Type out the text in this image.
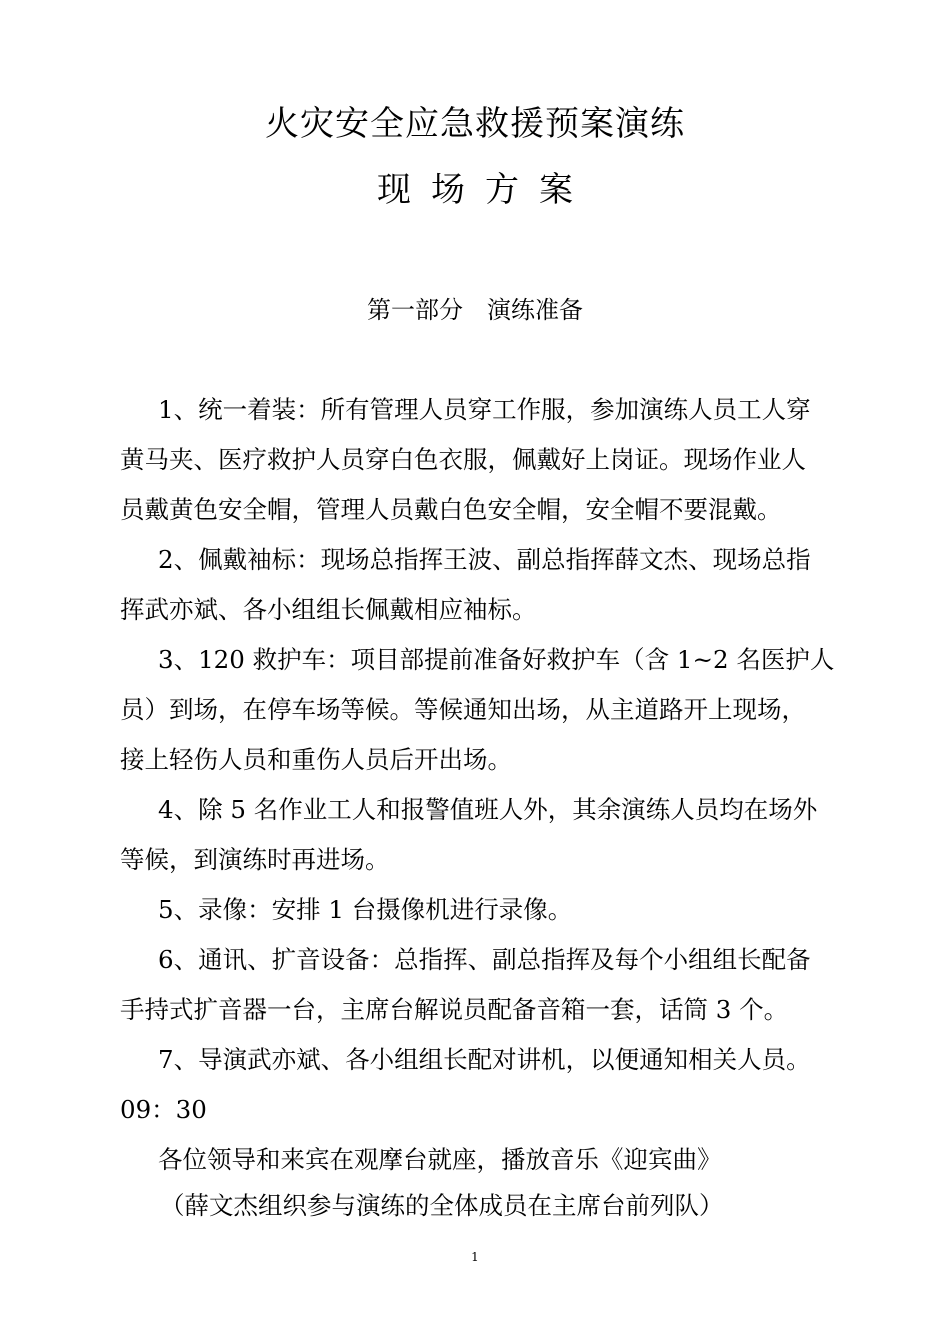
火灾安全应急救援预案演练
现场方案
第一部分　演练准备

1、统一着装：所有管理人员穿工作服，参加演练人员工人穿

黄马夹、医疗救护人员穿白色衣服，佩戴好上岗证。现场作业人

员戴黄色安全帽，管理人员戴白色安全帽，安全帽不要混戴。

2、佩戴袖标：现场总指挥王波、副总指挥薛文杰、现场总指

挥武亦斌、各小组组长佩戴相应袖标。

3、120 救护车：项目部提前准备好救护车（含 1~2 名医护人

员）到场，在停车场等候。等候通知出场，从主道路开上现场，

接上轻伤人员和重伤人员后开出场。

4、除 5 名作业工人和报警值班人外，其余演练人员均在场外

等候，到演练时再进场。

5、录像：安排 1 台摄像机进行录像。

6、通讯、扩音设备：总指挥、副总指挥及每个小组组长配备

手持式扩音器一台，主席台解说员配备音箱一套，话筒 3 个。

7、导演武亦斌、各小组组长配对讲机，以便通知相关人员。

09：30

各位领导和来宾在观摩台就座，播放音乐《迎宾曲》

（薛文杰组织参与演练的全体成员在主席台前列队）

1
